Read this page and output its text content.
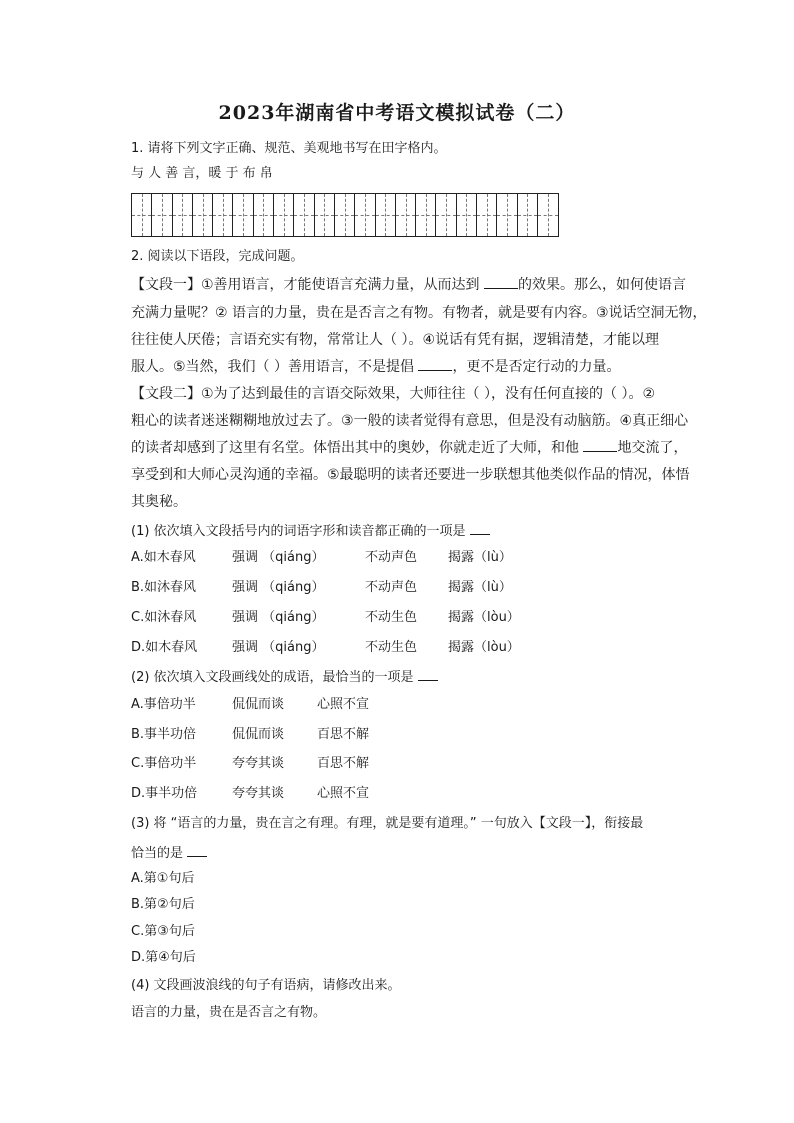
2023年湖南省中考语文模拟试卷（二）
1. 请将下列文字正确、规范、美观地书写在田字格内。
与 人 善 言，暖 于 布 帛
2. 阅读以下语段，完成问题。
【文段一】①善用语言，才能使语言充满力量，从而达到 的效果。那么，如何使语言
充满力量呢？② 语言的力量，贵在是否言之有物。有物者，就是要有内容。③说话空洞无物，
往往使人厌倦；言语充实有物，常常让人（ ）。④说话有凭有据，逻辑清楚，才能以理
服人。⑤当然，我们（ ）善用语言，不是提倡 ，更不是否定行动的力量。
【文段二】①为了达到最佳的言语交际效果，大师往往（ ），没有任何直接的（ ）。②
粗心的读者迷迷糊糊地放过去了。③一般的读者觉得有意思，但是没有动脑筋。④真正细心
的读者却感到了这里有名堂。体悟出其中的奥妙，你就走近了大师，和他 地交流了，
享受到和大师心灵沟通的幸福。⑤最聪明的读者还要进一步联想其他类似作品的情况，体悟
其奥秘。
(1) 依次填入文段括号内的词语字形和读音都正确的一项是
A.如木春风	强调 （qiáng）	不动声色 揭露（lù）
B.如沐春风	强调 （qiáng）	不动声色 揭露（lù）
C.如沐春风	强调 （qiáng）	不动生色 揭露（lòu）
D.如木春风	强调 （qiáng）	不动生色 揭露（lòu）
(2) 依次填入文段画线处的成语，最恰当的一项是
A.事倍功半	侃侃而谈	心照不宣
B.事半功倍	侃侃而谈	百思不解
C.事倍功半	夸夸其谈	百思不解
D.事半功倍	夸夸其谈	心照不宣
(3) 将 “语言的力量，贵在言之有理。有理，就是要有道理。” 一句放入【文段一】，衔接最
恰当的是
A.第①句后
B.第②句后
C.第③句后
D.第④句后
(4) 文段画波浪线的句子有语病，请修改出来。
语言的力量，贵在是否言之有物。
